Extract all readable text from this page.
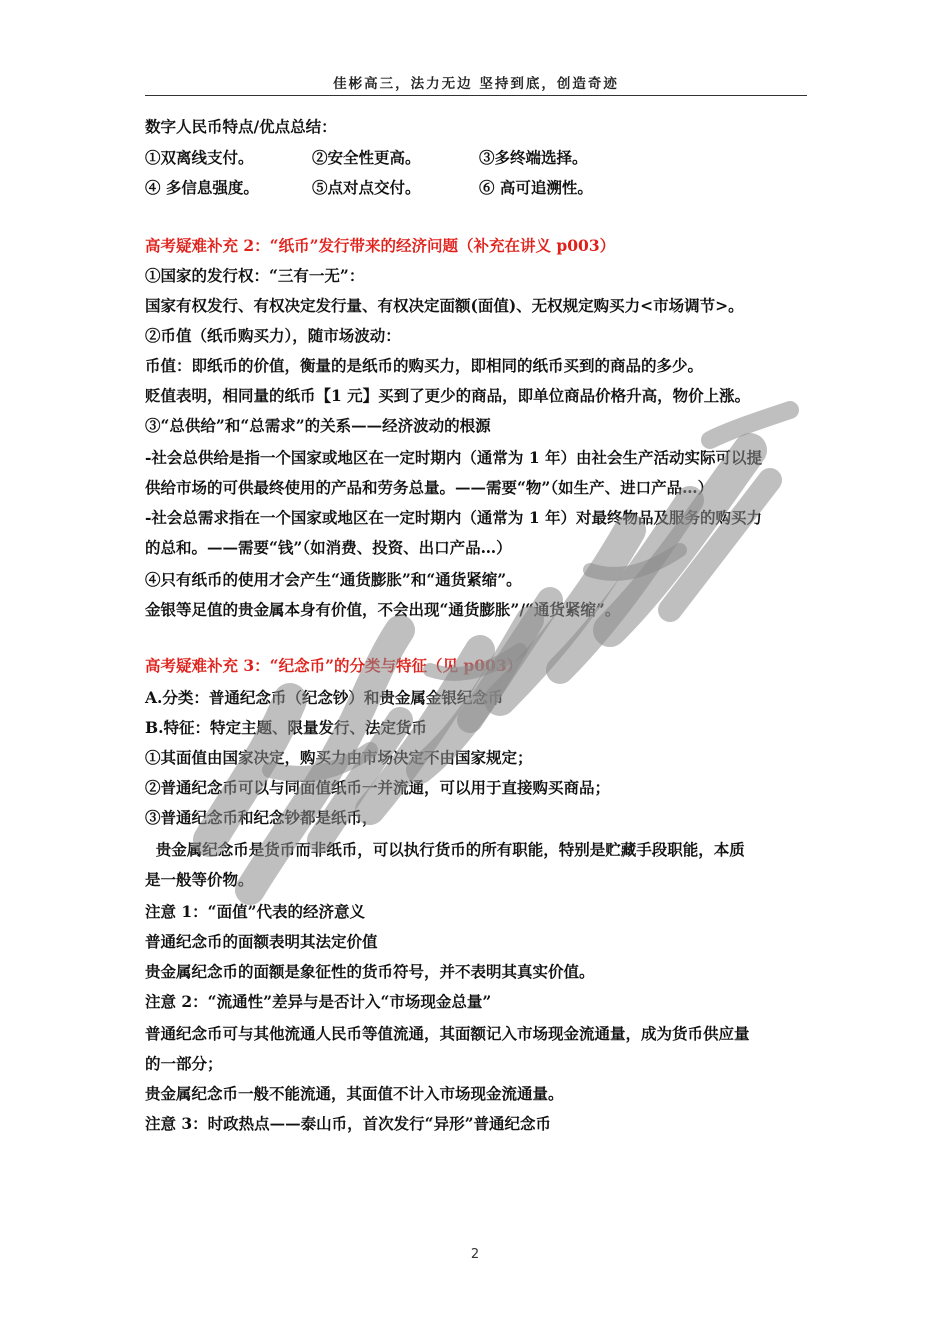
佳彬高三，法力无边 坚持到底，创造奇迹
数字人民币特点/优点总结：
①双离线支付。	②安全性更高。	③多终端选择。
④ 多信息强度。	⑤点对点交付。	⑥ 高可追溯性。
高考疑难补充 2：“纸币”发行带来的经济问题（补充在讲义 p003）
①国家的发行权：“三有一无”：
国家有权发行、有权决定发行量、有权决定面额(面值)、无权规定购买力<市场调节>。
②币值（纸币购买力），随市场波动：
币值：即纸币的价值，衡量的是纸币的购买力，即相同的纸币买到的商品的多少。
贬值表明，相同量的纸币【1 元】买到了更少的商品，即单位商品价格升高，物价上涨。
③“总供给”和“总需求”的关系——经济波动的根源
-社会总供给是指一个国家或地区在一定时期内（通常为 1 年）由社会生产活动实际可以提
供给市场的可供最终使用的产品和劳务总量。——需要“物”（如生产、进口产品…）
-社会总需求指在一个国家或地区在一定时期内（通常为 1 年）对最终物品及服务的购买力
的总和。——需要“钱”（如消费、投资、出口产品…）
④只有纸币的使用才会产生“通货膨胀”和“通货紧缩”。
金银等足值的贵金属本身有价值，不会出现“通货膨胀”/“通货紧缩”。
高考疑难补充 3：“纪念币”的分类与特征（见 p003）
A.分类：普通纪念币（纪念钞）和贵金属金银纪念币
B.特征：特定主题、限量发行、法定货币
①其面值由国家决定，购买力由市场决定不由国家规定；
②普通纪念币可以与同面值纸币一并流通，可以用于直接购买商品；
③普通纪念币和纪念钞都是纸币，
贵金属纪念币是货币而非纸币，可以执行货币的所有职能，特别是贮藏手段职能，本质
是一般等价物。
注意 1：“面值”代表的经济意义
普通纪念币的面额表明其法定价值
贵金属纪念币的面额是象征性的货币符号，并不表明其真实价值。
注意 2：“流通性”差异与是否计入“市场现金总量”
普通纪念币可与其他流通人民币等值流通，其面额记入市场现金流通量，成为货币供应量
的一部分；
贵金属纪念币一般不能流通，其面值不计入市场现金流通量。
注意 3：时政热点——泰山币，首次发行“异形”普通纪念币
2
